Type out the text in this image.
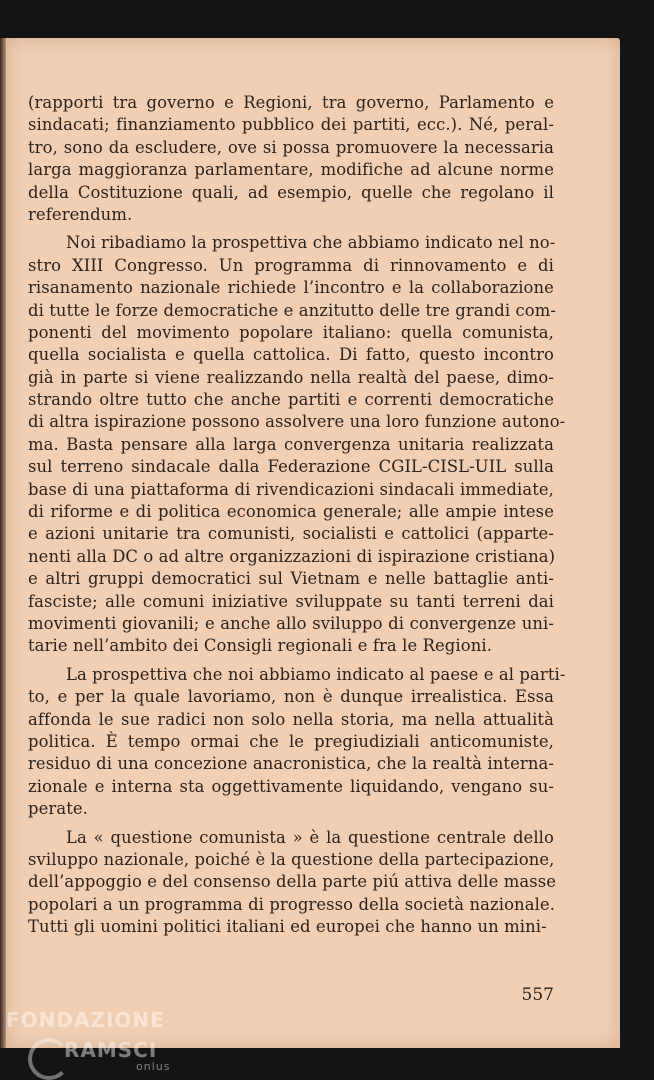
(rapporti tra governo e Regioni, tra governo, Parlamento e
sindacati; finanziamento pubblico dei partiti, ecc.). Né, peral-
tro, sono da escludere, ove si possa promuovere la necessaria
larga maggioranza parlamentare, modifiche ad alcune norme
della Costituzione quali, ad esempio, quelle che regolano il
referendum.
Noi ribadiamo la prospettiva che abbiamo indicato nel no-
stro XIII Congresso. Un programma di rinnovamento e di
risanamento nazionale richiede l’incontro e la collaborazione
di tutte le forze democratiche e anzitutto delle tre grandi com-
ponenti del movimento popolare italiano: quella comunista,
quella socialista e quella cattolica. Di fatto, questo incontro
già in parte si viene realizzando nella realtà del paese, dimo-
strando oltre tutto che anche partiti e correnti democratiche
di altra ispirazione possono assolvere una loro funzione autono-
ma. Basta pensare alla larga convergenza unitaria realizzata
sul terreno sindacale dalla Federazione CGIL-CISL-UIL sulla
base di una piattaforma di rivendicazioni sindacali immediate,
di riforme e di politica economica generale; alle ampie intese
e azioni unitarie tra comunisti, socialisti e cattolici (apparte-
nenti alla DC o ad altre organizzazioni di ispirazione cristiana)
e altri gruppi democratici sul Vietnam e nelle battaglie anti-
fasciste; alle comuni iniziative sviluppate su tanti terreni dai
movimenti giovanili; e anche allo sviluppo di convergenze uni-
tarie nell’ambito dei Consigli regionali e fra le Regioni.
La prospettiva che noi abbiamo indicato al paese e al parti-
to, e per la quale lavoriamo, non è dunque irrealistica. Essa
affonda le sue radici non solo nella storia, ma nella attualità
politica. È tempo ormai che le pregiudiziali anticomuniste,
residuo di una concezione anacronistica, che la realtà interna-
zionale e interna sta oggettivamente liquidando, vengano su-
perate.
La « questione comunista » è la questione centrale dello
sviluppo nazionale, poiché è la questione della partecipazione,
dell’appoggio e del consenso della parte piú attiva delle masse
popolari a un programma di progresso della società nazionale.
Tutti gli uomini politici italiani ed europei che hanno un mini-
557
FONDAZIONE
RAMSCI
onlus
